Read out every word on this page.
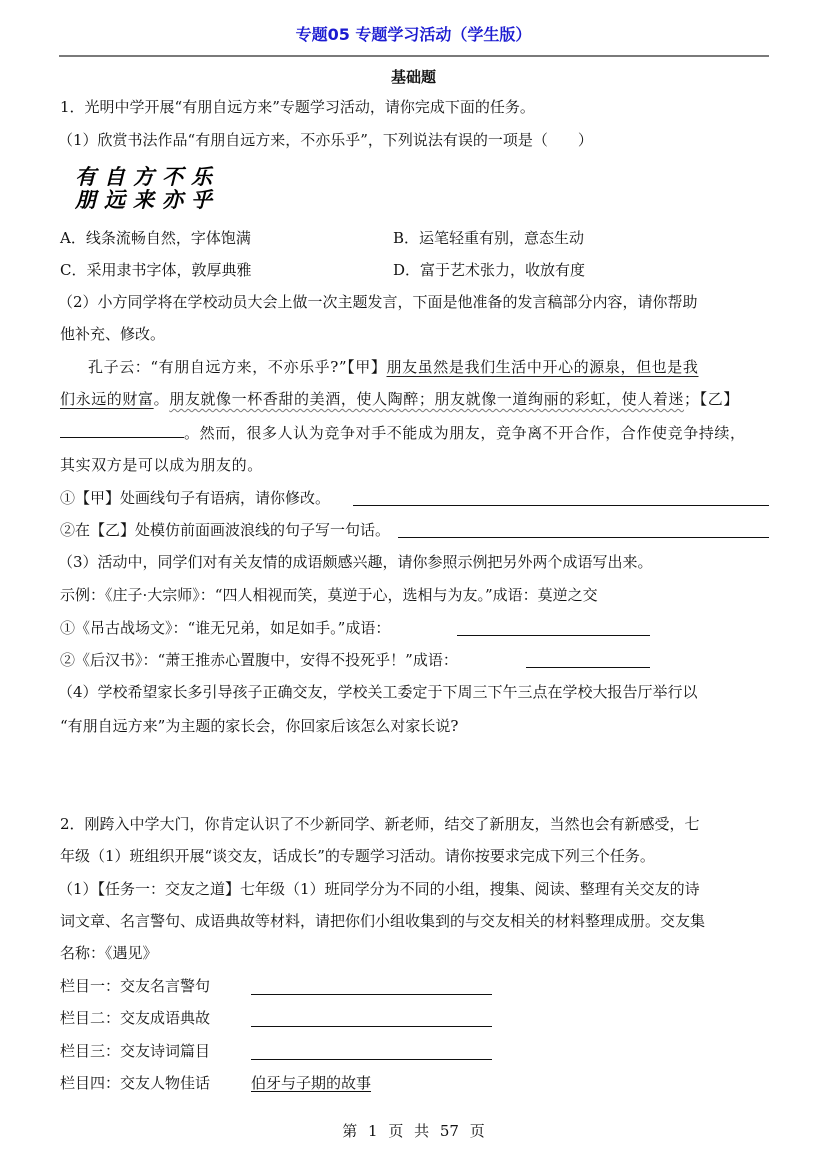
专题05 专题学习活动（学生版）
基础题
1．光明中学开展“有朋自远方来”专题学习活动，请你完成下面的任务。
（1）欣赏书法作品“有朋自远方来，不亦乐乎”，下列说法有误的一项是（　　）
乐不方自有
乎亦来远朋
A．线条流畅自然，字体饱满	B．运笔轻重有别，意态生动
C．采用隶书字体，敦厚典雅	D．富于艺术张力，收放有度
（2）小方同学将在学校动员大会上做一次主题发言，下面是他准备的发言稿部分内容，请你帮助
他补充、修改。
孔子云：“有朋自远方来，不亦乐乎?”【甲】朋友虽然是我们生活中开心的源泉，但也是我
们永远的财富。朋友就像一杯香甜的美酒，使人陶醉；朋友就像一道绚丽的彩虹，使人着迷；【乙】
。然而，很多人认为竞争对手不能成为朋友，竞争离不开合作，合作使竞争持续，
其实双方是可以成为朋友的。
①【甲】处画线句子有语病，请你修改。
②在【乙】处模仿前面画波浪线的句子写一句话。
（3）活动中，同学们对有关友情的成语颇感兴趣，请你参照示例把另外两个成语写出来。
示例：《庄子·大宗师》：“四人相视而笑，莫逆于心，选相与为友。”成语：莫逆之交
①《吊古战场文》：“谁无兄弟，如足如手。”成语：
②《后汉书》：“萧王推赤心置腹中，安得不投死乎！”成语：
（4）学校希望家长多引导孩子正确交友，学校关工委定于下周三下午三点在学校大报告厅举行以
“有朋自远方来”为主题的家长会，你回家后该怎么对家长说?
2．刚跨入中学大门，你肯定认识了不少新同学、新老师，结交了新朋友，当然也会有新感受，七
年级（1）班组织开展“谈交友，话成长”的专题学习活动。请你按要求完成下列三个任务。
（1）【任务一：交友之道】七年级（1）班同学分为不同的小组，搜集、阅读、整理有关交友的诗
词文章、名言警句、成语典故等材料，请把你们小组收集到的与交友相关的材料整理成册。交友集
名称：《遇见》
栏目一：交友名言警句
栏目二：交友成语典故
栏目三：交友诗词篇目
栏目四：交友人物佳话	伯牙与子期的故事
第 1 页 共 57 页
